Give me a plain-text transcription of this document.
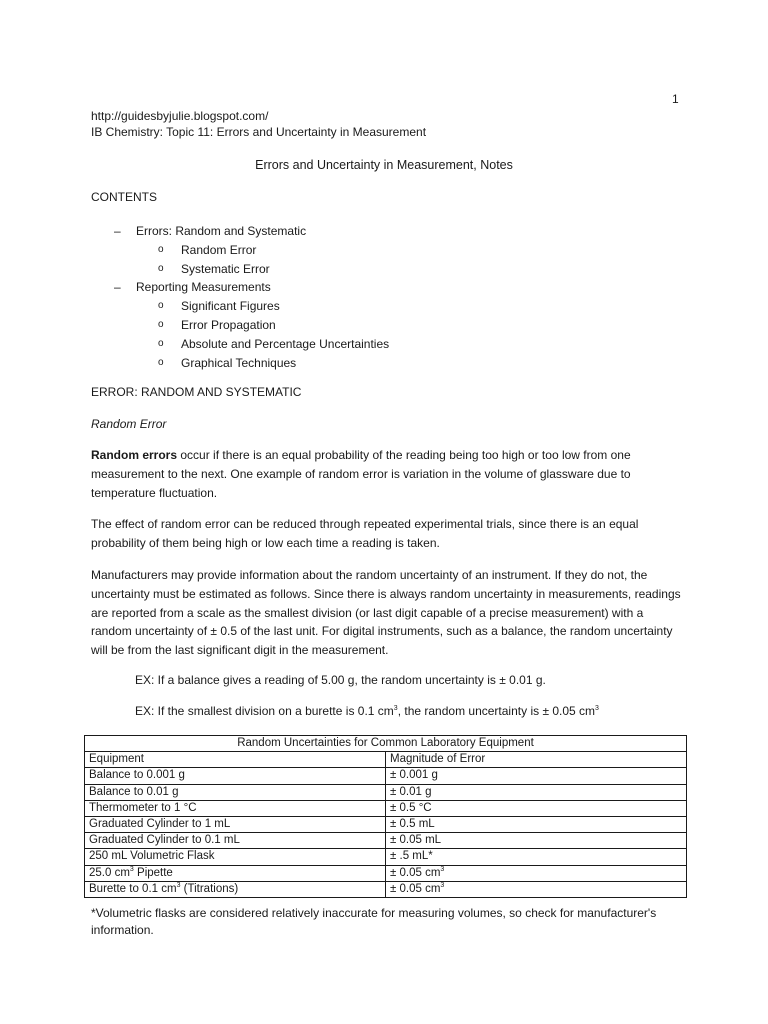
1
http://guidesbyjulie.blogspot.com/
IB Chemistry: Topic 11: Errors and Uncertainty in Measurement
Errors and Uncertainty in Measurement, Notes
CONTENTS
– Errors: Random and Systematic
o Random Error
o Systematic Error
– Reporting Measurements
o Significant Figures
o Error Propagation
o Absolute and Percentage Uncertainties
o Graphical Techniques
ERROR: RANDOM AND SYSTEMATIC
Random Error

Random errors occur if there is an equal probability of the reading being too high or too low from one measurement to the next. One example of random error is variation in the volume of glassware due to temperature fluctuation.

The effect of random error can be reduced through repeated experimental trials, since there is an equal probability of them being high or low each time a reading is taken.

Manufacturers may provide information about the random uncertainty of an instrument. If they do not, the uncertainty must be estimated as follows. Since there is always random uncertainty in measurements, readings are reported from a scale as the smallest division (or last digit capable of a precise measurement) with a random uncertainty of ± 0.5 of the last unit. For digital instruments, such as a balance, the random uncertainty will be from the last significant digit in the measurement.

EX: If a balance gives a reading of 5.00 g, the random uncertainty is ± 0.01 g.
EX: If the smallest division on a burette is 0.1 $cm^3$, the random uncertainty is ± 0.05 $cm^3$
Random Uncertainties for Common Laboratory Equipment	
Equipment	Magnitude of Error
Balance to 0.001 g	± 0.001 g
Balance to 0.01 g	± 0.01 g
Thermometer to 1 °C	± 0.5 °C
Graduated Cylinder to 1 mL	± 0.5 mL
Graduated Cylinder to 0.1 mL	± 0.05 mL
250 mL Volumetric Flask	± .5 mL*
25.0 $cm^3$ Pipette	± 0.05 $cm^3$
Burette to 0.1 $cm^3$ (Titrations)	± 0.05 $cm^3$
*Volumetric flasks are considered relatively inaccurate for measuring volumes, so check for manufacturer's information.
